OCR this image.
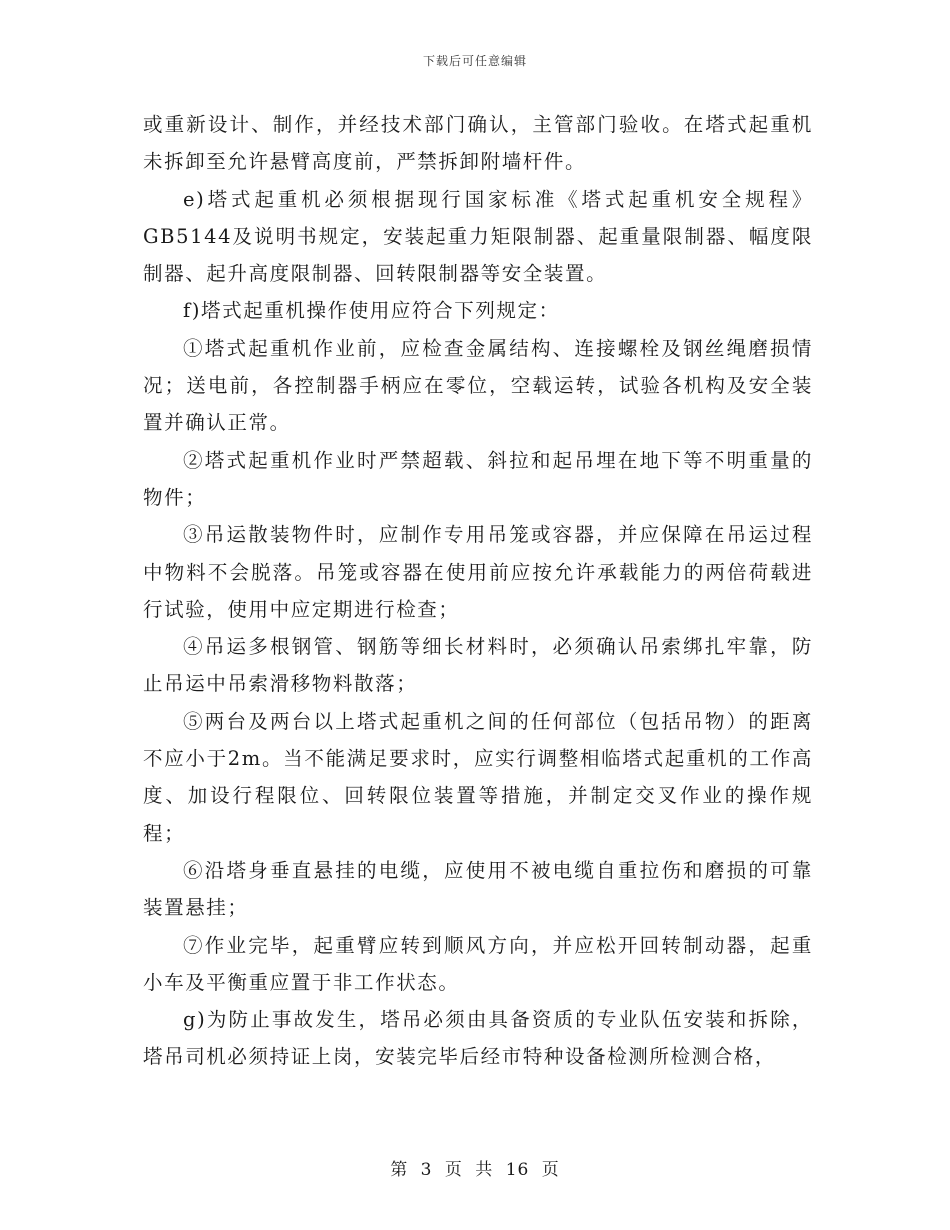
下载后可任意编辑

或重新设计、制作，并经技术部门确认，主管部门验收。在塔式起重机未拆卸至允许悬臂高度前，严禁拆卸附墙杆件。

e)塔式起重机必须根据现行国家标准《塔式起重机安全规程》GB5144及说明书规定，安装起重力矩限制器、起重量限制器、幅度限制器、起升高度限制器、回转限制器等安全装置。

f)塔式起重机操作使用应符合下列规定：

①塔式起重机作业前，应检查金属结构、连接螺栓及钢丝绳磨损情况；送电前，各控制器手柄应在零位，空载运转，试验各机构及安全装置并确认正常。

②塔式起重机作业时严禁超载、斜拉和起吊埋在地下等不明重量的物件；

③吊运散装物件时，应制作专用吊笼或容器，并应保障在吊运过程中物料不会脱落。吊笼或容器在使用前应按允许承载能力的两倍荷载进行试验，使用中应定期进行检查；

④吊运多根钢管、钢筋等细长材料时，必须确认吊索绑扎牢靠，防止吊运中吊索滑移物料散落；

⑤两台及两台以上塔式起重机之间的任何部位（包括吊物）的距离不应小于2m。当不能满足要求时，应实行调整相临塔式起重机的工作高度、加设行程限位、回转限位装置等措施，并制定交叉作业的操作规程；

⑥沿塔身垂直悬挂的电缆，应使用不被电缆自重拉伤和磨损的可靠装置悬挂；

⑦作业完毕，起重臂应转到顺风方向，并应松开回转制动器，起重小车及平衡重应置于非工作状态。

g)为防止事故发生，塔吊必须由具备资质的专业队伍安装和拆除，塔吊司机必须持证上岗，安装完毕后经市特种设备检测所检测合格，

第 3 页 共 16 页
